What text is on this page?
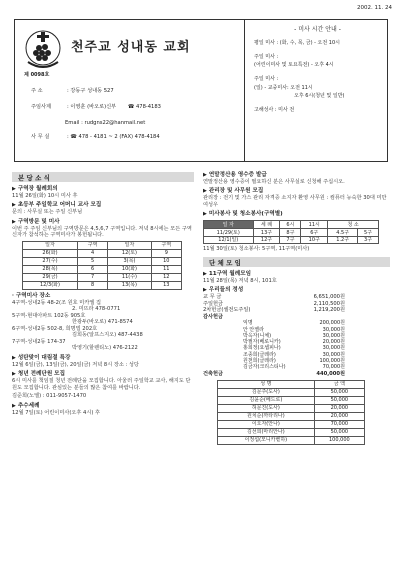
2002. 11. 24
제 0098호
천주교 성내동 교회
주 소	: 강동구 성내동 527
주임사제	: 이영훈 (바오로)신부 ☎ 478-4183
Email : rudgns22@hanmail.net
사 무 실	: ☎ 478 - 4181 ~ 2 (FAX) 478-4184
- 미사 시간 안내 -
평일 미사 : (화, 수, 목, 금) - 오전 10시
주일 미사 :
(어린이미사 및 토요특전) - 오후 4시
주일 미사 :
(일) - 교중미사: 오전 11시
오후 6시(청년 및 일반)
고해성사 : 미사 전
본 당 소 식
▶ 구역장 월례회의
11월 26일(화) 10시 미사 후
▶ 초등부 주일학교 어머니 교사 모집
문의 : 사무실 또는 주일 신부님
▶ 구역방문 및 미사
이번 주 주임 신부님의 구역방문은 4,5,6,7 구역입니다. 저녁 8시에는 모든 구역신자가 참석하는 구역미사가 봉헌됩니다.
일자	구역	일자	구역
26(화)	4	12(토)	9
27(수)	5	3(목)	10
28(목)	6	10(화)	11
29(금)	7	11(수)	12
12/3(화)	8	13(목)	13
· 구역미사 장소
4구역-성내2동 48-2(조 원호 미카엘 집
2. 미뜨라 478-0771
5구역-현대아파트 102동 905호
한광두(바오로) 471-8574
6구역-성내2동 502-8, 희명빌 202호
김희동(알프스지오) 487-4438
7구역-성내2동 174-37
박영기(할렌티노) 476-2122
▶ 성탄맞이 대림절 특강
12월 6일(금), 13일(금), 20일(금) 저녁 8시 장소 : 성당
▶ 청년 전례단원 모집
6시 미사를 책임질 청년 전례단을 모집합니다. 아울러 주일학교 교사, 해지도 단원도 모집합니다. 관심있는 분들의 많은 참여를 바랍니다.
김준희(노엘) : 011-9057-1470
▶ 추수세례
12월 7일(토) 어린이미사(오후 4시) 후
▶ 연말정산용 영수증 발급
연말정산용 영수증이 필요하신 분은 사무실로 신청해 주십시오.
▶ 관리장 및 사무원 모집
관리장 : 전기 및 가스 관리 자격증 소지자 환영 사무원 : 컴퓨터 능숙한 30대 미만 여성우
▶ 미사봉사 및 청소봉사(구역별)
일 자	세 례	6시	11시	청 소	
11/29(토)	13구	8구	6구	4.5구	5구
12/1(일)	12구	7구	10구	1.2구	3구
11월 30일(토) 청소봉사: 5구역, 11구역(미사)
단 체 모 임
▶ 11구역 월례모임
11월 28일(목) 저녁 8시, 101호
▶ 우리들의 정성
교 무 금	6,651,000원
주일헌금	2,110,500원
2차헌금(셀전도주일)	1,219,200원
감사헌금
익명	200,000원
안 안젤라	30,000원
박옥자(니체)	30,000원
박필자(베로니카)	20,000원
홍희정(요셉피나)	30,000원
조종희(글레라)	30,000원
원천희(글레라)	100,000원
김금자(크리스티나)	70,000원
건축헌금	440,000원
성 명	금 액
김문주(도사)	50,000
김윤순(베드로)	50,000
허문진(도사)	20,000
원치순(까타리나)	20,000
이오자(안나)	70,000
김선희(마리안나)	50,000
이정섭(모니카벧하)	100,000
